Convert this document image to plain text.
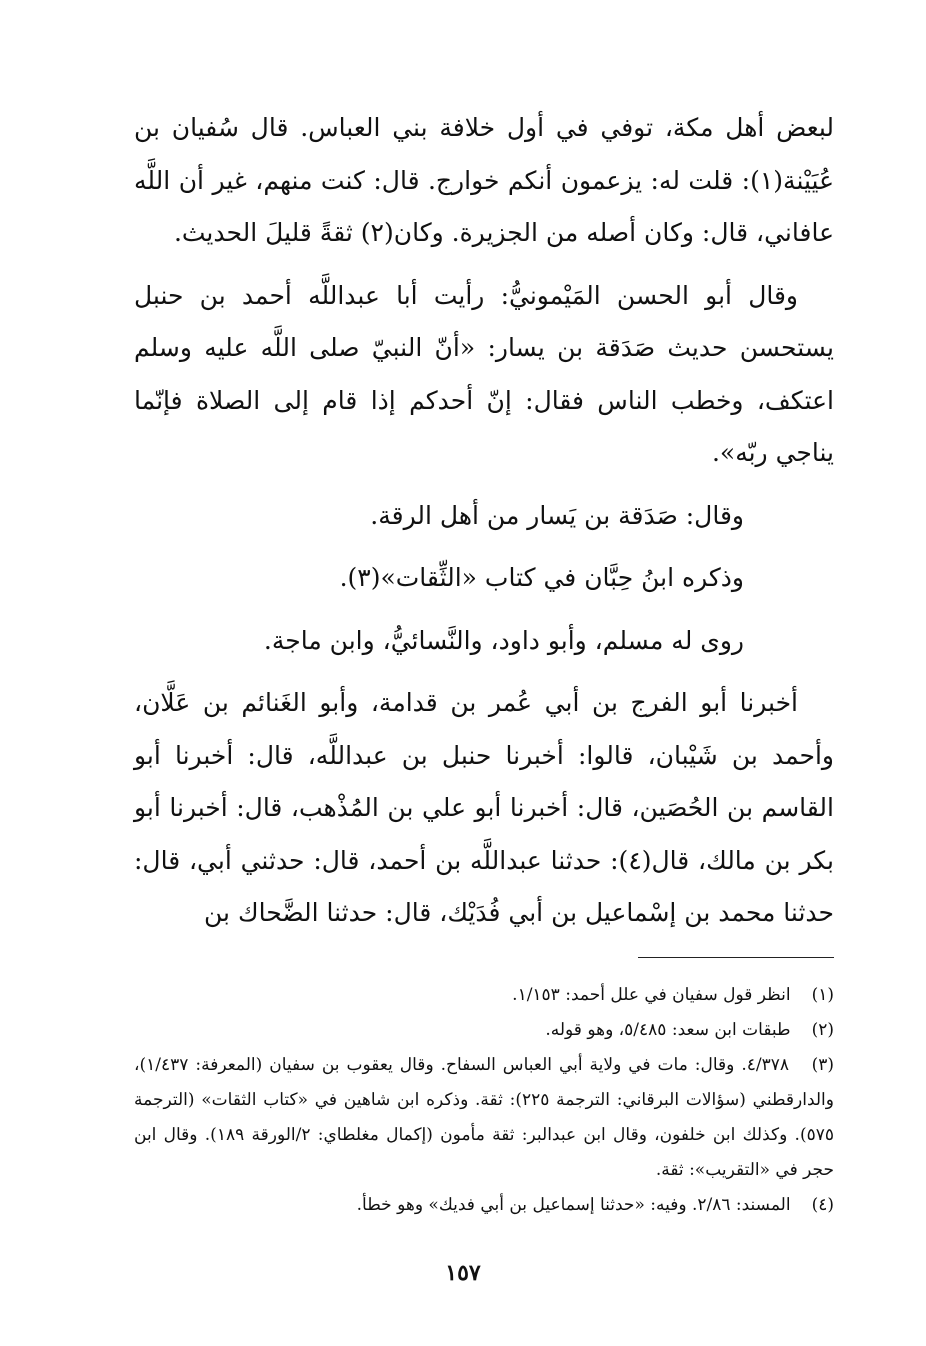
لبعض أهل مكة، توفي في أول خلافة بني العباس. قال سُفيان بن عُيَيْنة(١): قلت له: يزعمون أنكم خوارج. قال: كنت منهم، غير أن اللَّه عافاني، قال: وكان أصله من الجزيرة. وكان(٢) ثقةً قليلَ الحديث.

وقال أبو الحسن المَيْمونيُّ: رأيت أبا عبداللَّه أحمد بن حنبل يستحسن حديث صَدَقة بن يسار: «أنّ النبيّ صلى اللَّه عليه وسلم اعتكف، وخطب الناس فقال: إنّ أحدكم إذا قام إلى الصلاة فإنّما يناجي ربّه».

وقال: صَدَقة بن يَسار من أهل الرقة.

وذكره ابنُ حِبَّان في كتاب «الثِّقات»(٣).

روى له مسلم، وأبو داود، والنَّسائيُّ، وابن ماجة.

أخبرنا أبو الفرج بن أبي عُمر بن قدامة، وأبو الغَنائم بن عَلَّان، وأحمد بن شَيْبان، قالوا: أخبرنا حنبل بن عبداللَّه، قال: أخبرنا أبو القاسم بن الحُصَين، قال: أخبرنا أبو علي بن المُذْهب، قال: أخبرنا أبو بكر بن مالك، قال(٤): حدثنا عبداللَّه بن أحمد، قال: حدثني أبي، قال: حدثنا محمد بن إسْماعيل بن أبي فُدَيْك، قال: حدثنا الضَّحاك بن

(١) انظر قول سفيان في علل أحمد: ١/١٥٣.

(٢) طبقات ابن سعد: ٥/٤٨٥، وهو قوله.

(٣) ٤/٣٧٨. وقال: مات في ولاية أبي العباس السفاح. وقال يعقوب بن سفيان (المعرفة: ١/٤٣٧)، والدارقطني (سؤالات البرقاني: الترجمة ٢٢٥): ثقة. وذكره ابن شاهين في «كتاب الثقات» (الترجمة ٥٧٥). وكذلك ابن خلفون، وقال ابن عبدالبر: ثقة مأمون (إكمال مغلطاي: ٢/الورقة ١٨٩). وقال ابن حجر في «التقريب»: ثقة.

(٤) المسند: ٢/٨٦. وفيه: «حدثنا إسماعيل بن أبي فديك» وهو خطأ.

١٥٧
